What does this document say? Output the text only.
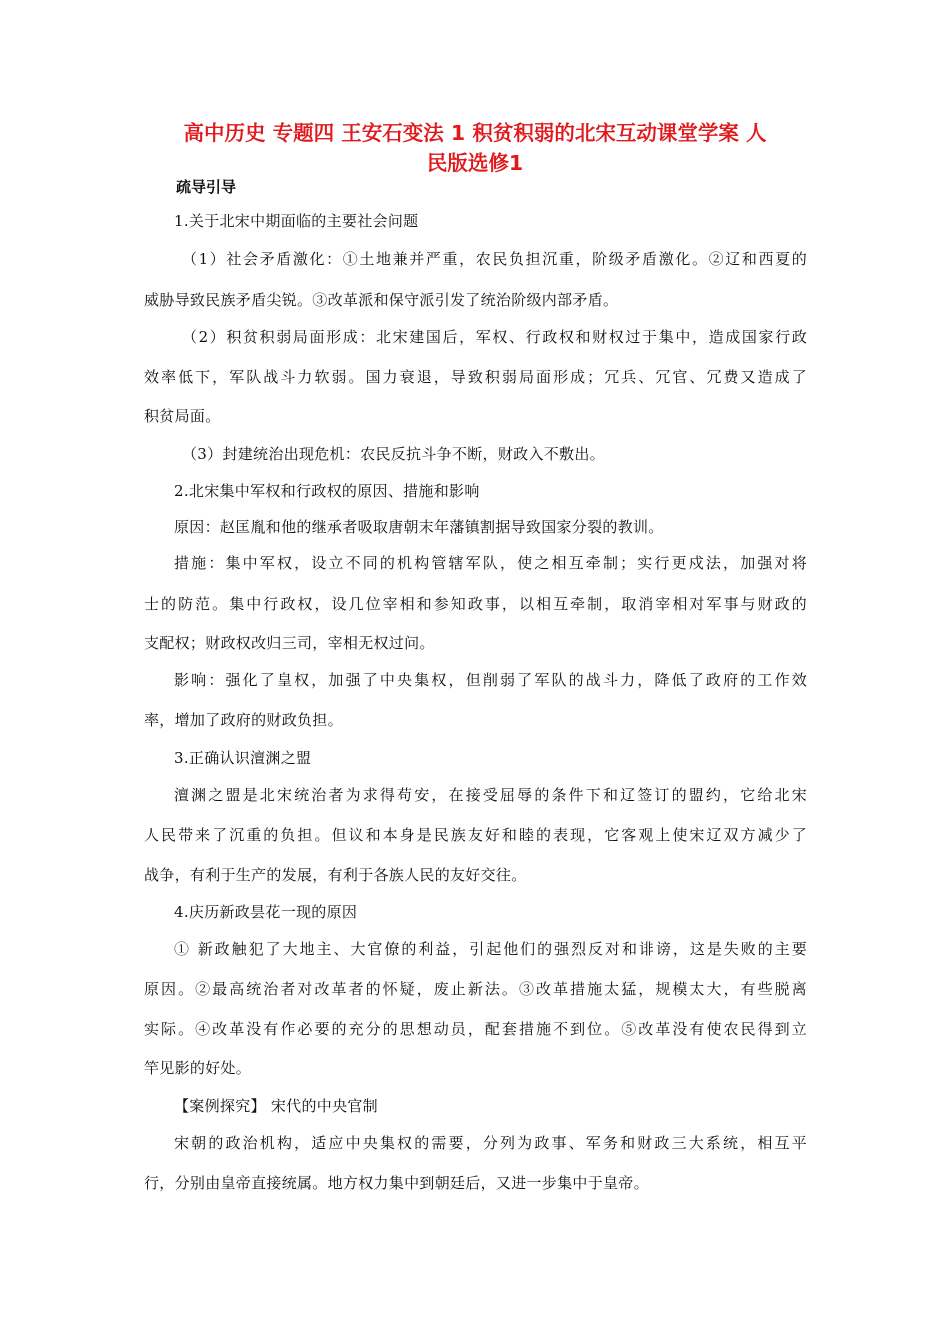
高中历史 专题四 王安石变法 1 积贫积弱的北宋互动课堂学案 人
民版选修1
疏导引导
1.关于北宋中期面临的主要社会问题
（1）社会矛盾激化：①土地兼并严重，农民负担沉重，阶级矛盾激化。②辽和西夏的
威胁导致民族矛盾尖锐。③改革派和保守派引发了统治阶级内部矛盾。
（2）积贫积弱局面形成：北宋建国后，军权、行政权和财权过于集中，造成国家行政
效率低下，军队战斗力软弱。国力衰退，导致积弱局面形成；冗兵、冗官、冗费又造成了
积贫局面。
（3）封建统治出现危机：农民反抗斗争不断，财政入不敷出。
2.北宋集中军权和行政权的原因、措施和影响
原因：赵匡胤和他的继承者吸取唐朝末年藩镇割据导致国家分裂的教训。
措施：集中军权，设立不同的机构管辖军队，使之相互牵制；实行更戍法，加强对将
士的防范。集中行政权，设几位宰相和参知政事，以相互牵制，取消宰相对军事与财政的
支配权；财政权改归三司，宰相无权过问。
影响：强化了皇权，加强了中央集权，但削弱了军队的战斗力，降低了政府的工作效
率，增加了政府的财政负担。
3.正确认识澶渊之盟
澶渊之盟是北宋统治者为求得苟安，在接受屈辱的条件下和辽签订的盟约，它给北宋
人民带来了沉重的负担。但议和本身是民族友好和睦的表现，它客观上使宋辽双方减少了
战争，有利于生产的发展，有利于各族人民的友好交往。
4.庆历新政昙花一现的原因
① 新政触犯了大地主、大官僚的利益，引起他们的强烈反对和诽谤，这是失败的主要
原因。②最高统治者对改革者的怀疑，废止新法。③改革措施太猛，规模太大，有些脱离
实际。④改革没有作必要的充分的思想动员，配套措施不到位。⑤改革没有使农民得到立
竿见影的好处。
【案例探究】 宋代的中央官制
宋朝的政治机构，适应中央集权的需要，分列为政事、军务和财政三大系统，相互平
行，分别由皇帝直接统属。地方权力集中到朝廷后，又进一步集中于皇帝。
